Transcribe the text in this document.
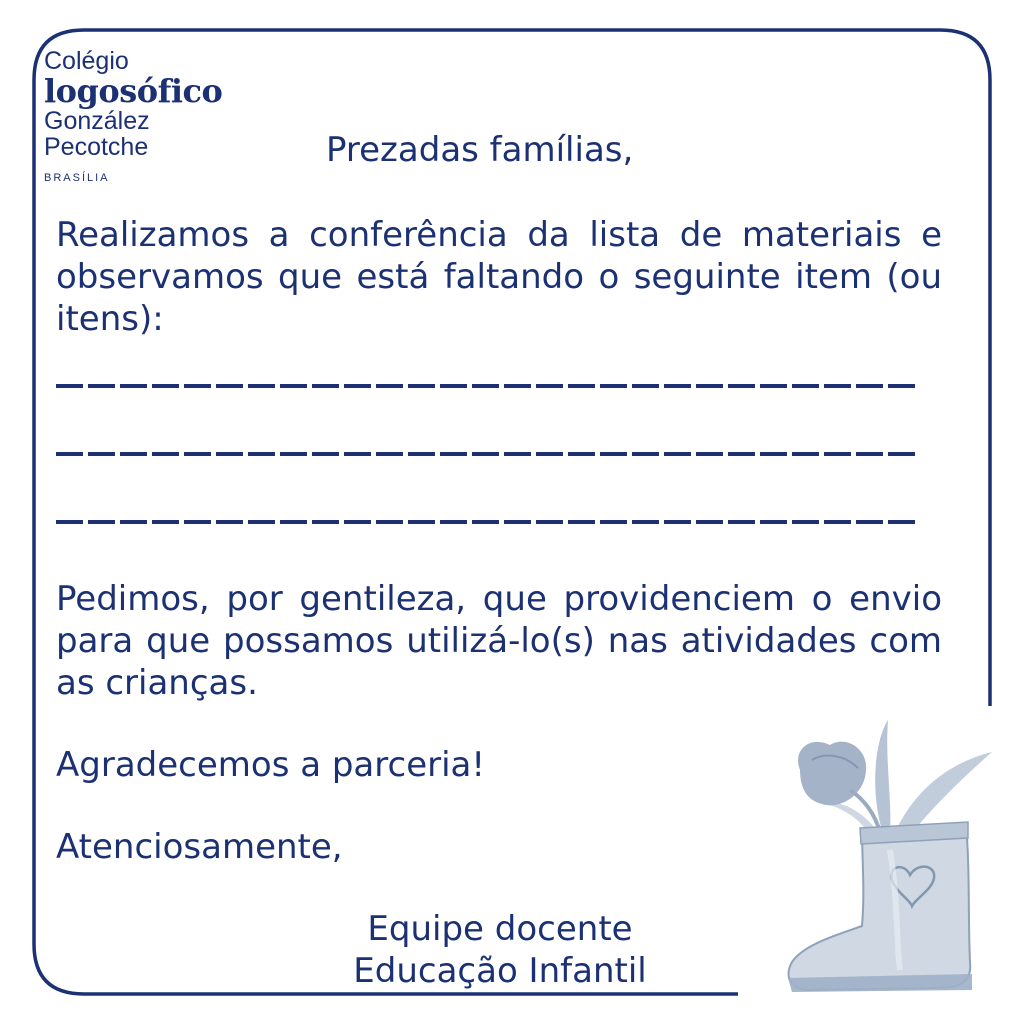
Colégio
logosófico
González
Pecotche
BRASÍLIA
Prezadas famílias,
Realizamos a conferência da lista de materiais e observamos que está faltando o seguinte item (ou itens):
Pedimos, por gentileza, que providenciem o envio para que possamos utilizá-lo(s) nas atividades com as crianças.
Agradecemos a parceria!
Atenciosamente,
Equipe docente
Educação Infantil
